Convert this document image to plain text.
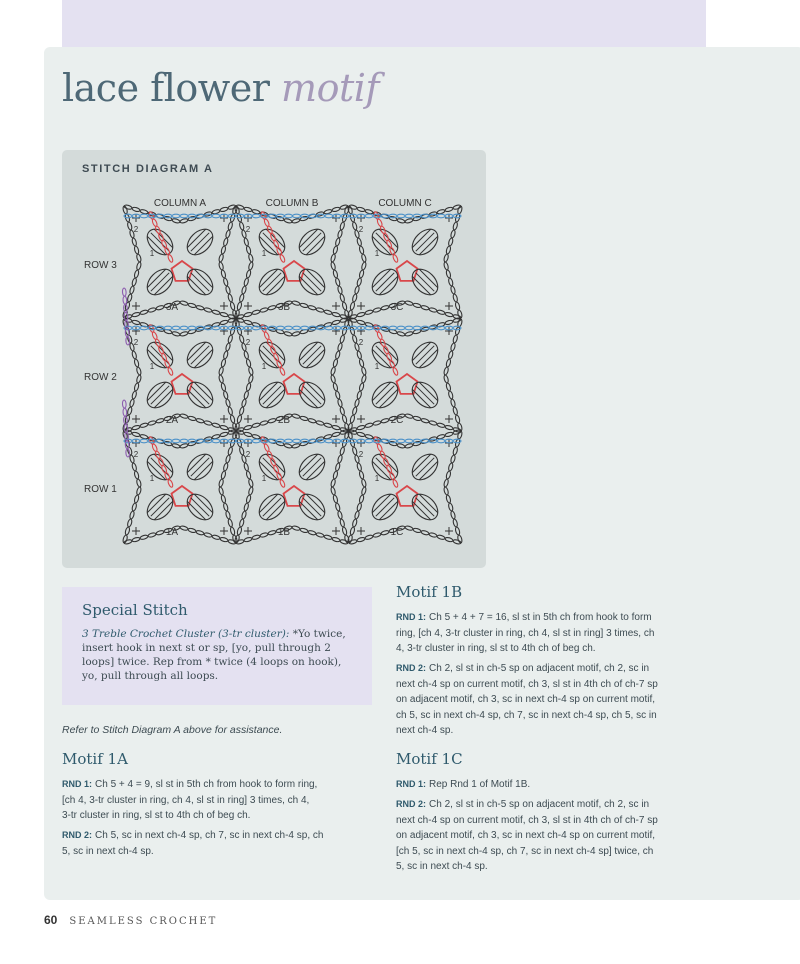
lace flower motif
STITCH DIAGRAM A
COLUMN A	COLUMN B	COLUMN C
ROW 3
ROW 2
ROW 1
3A
2
1
3B
2
1
3C
2
1
2A
2
1
2B
2
1
2C
2
1
1A
2
1
1B
2
1
1C
2
1
Special Stitch
3 Treble Crochet Cluster (3-tr cluster): *Yo twice, insert hook in next st or sp, [yo, pull through 2 loops] twice. Rep from * twice (4 loops on hook), yo, pull through all loops.
Refer to Stitch Diagram A above for assistance.
Motif 1A
RND 1: Ch 5 + 4 = 9, sl st in 5th ch from hook to form ring,
[ch 4, 3-tr cluster in ring, ch 4, sl st in ring] 3 times, ch 4,
3-tr cluster in ring, sl st to 4th ch of beg ch.
RND 2: Ch 5, sc in next ch-4 sp, ch 7, sc in next ch-4 sp, ch
5, sc in next ch-4 sp.
Motif 1B
RND 1: Ch 5 + 4 + 7 = 16, sl st in 5th ch from hook to form
ring, [ch 4, 3-tr cluster in ring, ch 4, sl st in ring] 3 times, ch
4, 3-tr cluster in ring, sl st to 4th ch of beg ch.
RND 2: Ch 2, sl st in ch-5 sp on adjacent motif, ch 2, sc in
next ch-4 sp on current motif, ch 3, sl st in 4th ch of ch-7 sp
on adjacent motif, ch 3, sc in next ch-4 sp on current motif,
ch 5, sc in next ch-4 sp, ch 7, sc in next ch-4 sp, ch 5, sc in
next ch-4 sp.
Motif 1C
RND 1: Rep Rnd 1 of Motif 1B.
RND 2: Ch 2, sl st in ch-5 sp on adjacent motif, ch 2, sc in
next ch-4 sp on current motif, ch 3, sl st in 4th ch of ch-7 sp
on adjacent motif, ch 3, sc in next ch-4 sp on current motif,
[ch 5, sc in next ch-4 sp, ch 7, sc in next ch-4 sp] twice, ch
5, sc in next ch-4 sp.
60 SEAMLESS CROCHET
